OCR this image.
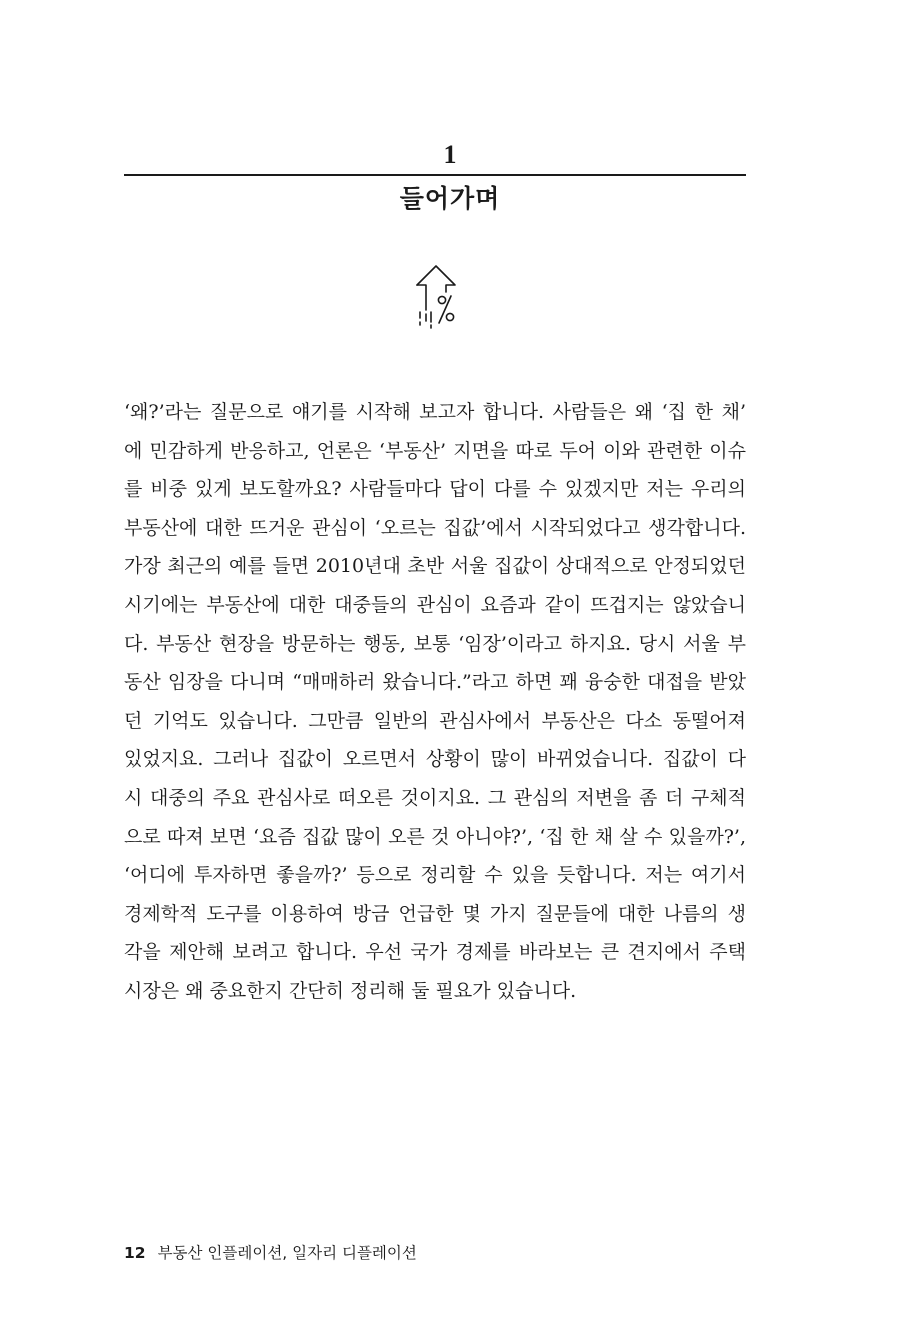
1
들어가며
‘왜?’라는 질문으로 얘기를 시작해 보고자 합니다. 사람들은 왜 ‘집 한 채’
에 민감하게 반응하고, 언론은 ‘부동산’ 지면을 따로 두어 이와 관련한 이슈
를 비중 있게 보도할까요? 사람들마다 답이 다를 수 있겠지만 저는 우리의
부동산에 대한 뜨거운 관심이 ‘오르는 집값’에서 시작되었다고 생각합니다.
가장 최근의 예를 들면 2010년대 초반 서울 집값이 상대적으로 안정되었던
시기에는 부동산에 대한 대중들의 관심이 요즘과 같이 뜨겁지는 않았습니
다. 부동산 현장을 방문하는 행동, 보통 ‘임장’이라고 하지요. 당시 서울 부
동산 임장을 다니며 “매매하러 왔습니다.”라고 하면 꽤 융숭한 대접을 받았
던 기억도 있습니다. 그만큼 일반의 관심사에서 부동산은 다소 동떨어져
있었지요. 그러나 집값이 오르면서 상황이 많이 바뀌었습니다. 집값이 다
시 대중의 주요 관심사로 떠오른 것이지요. 그 관심의 저변을 좀 더 구체적
으로 따져 보면 ‘요즘 집값 많이 오른 것 아니야?’, ‘집 한 채 살 수 있을까?’,
‘어디에 투자하면 좋을까?’ 등으로 정리할 수 있을 듯합니다. 저는 여기서
경제학적 도구를 이용하여 방금 언급한 몇 가지 질문들에 대한 나름의 생
각을 제안해 보려고 합니다. 우선 국가 경제를 바라보는 큰 견지에서 주택
시장은 왜 중요한지 간단히 정리해 둘 필요가 있습니다.
12 부동산 인플레이션, 일자리 디플레이션
